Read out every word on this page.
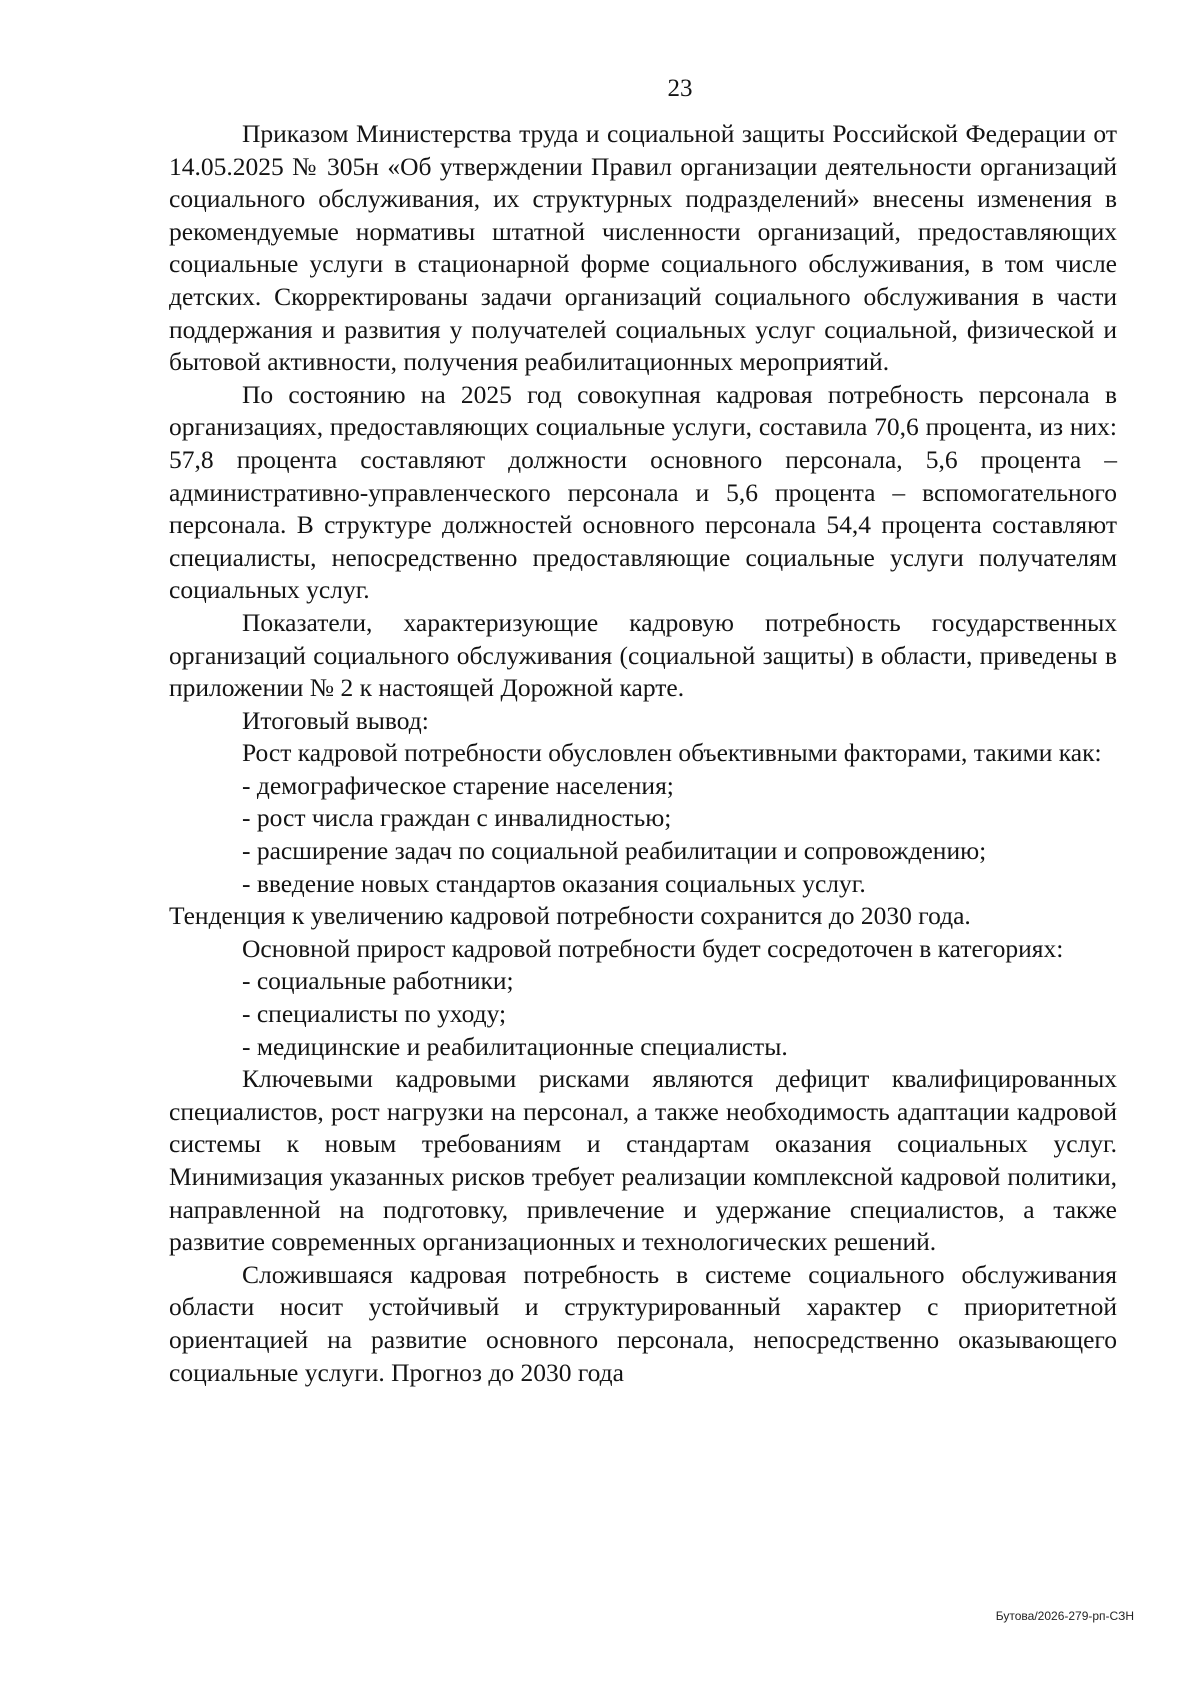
23

Приказом Министерства труда и социальной защиты Российской Федерации от 14.05.2025 № 305н «Об утверждении Правил организации деятельности организаций социального обслуживания, их структурных подразделений» внесены изменения в рекомендуемые нормативы штатной численности организаций, предоставляющих социальные услуги в стационарной форме социального обслуживания, в том числе детских. Скорректированы задачи организаций социального обслуживания в части поддержания и развития у получателей социальных услуг социальной, физической и бытовой активности, получения реабилитационных мероприятий.

По состоянию на 2025 год совокупная кадровая потребность персонала в организациях, предоставляющих социальные услуги, составила 70,6 процента, из них: 57,8 процента составляют должности основного персонала, 5,6 процента – административно-управленческого персонала и 5,6 процента – вспомогательного персонала. В структуре должностей основного персонала 54,4 процента составляют специалисты, непосредственно предоставляющие социальные услуги получателям социальных услуг.

Показатели, характеризующие кадровую потребность государственных организаций социального обслуживания (социальной защиты) в области, приведены в приложении № 2 к настоящей Дорожной карте.

Итоговый вывод:

Рост кадровой потребности обусловлен объективными факторами, такими как:

- демографическое старение населения;

- рост числа граждан с инвалидностью;

- расширение задач по социальной реабилитации и сопровождению;

- введение новых стандартов оказания социальных услуг.

Тенденция к увеличению кадровой потребности сохранится до 2030 года.

Основной прирост кадровой потребности будет сосредоточен в категориях:

- социальные работники;

- специалисты по уходу;

- медицинские и реабилитационные специалисты.

Ключевыми кадровыми рисками являются дефицит квалифицированных специалистов, рост нагрузки на персонал, а также необходимость адаптации кадровой системы к новым требованиям и стандартам оказания социальных услуг. Минимизация указанных рисков требует реализации комплексной кадровой политики, направленной на подготовку, привлечение и удержание специалистов, а также развитие современных организационных и технологических решений.

Сложившаяся кадровая потребность в системе социального обслуживания области носит устойчивый и структурированный характер с приоритетной ориентацией на развитие основного персонала, непосредственно оказывающего социальные услуги. Прогноз до 2030 года

Бутова/2026-279-рп-СЗН
